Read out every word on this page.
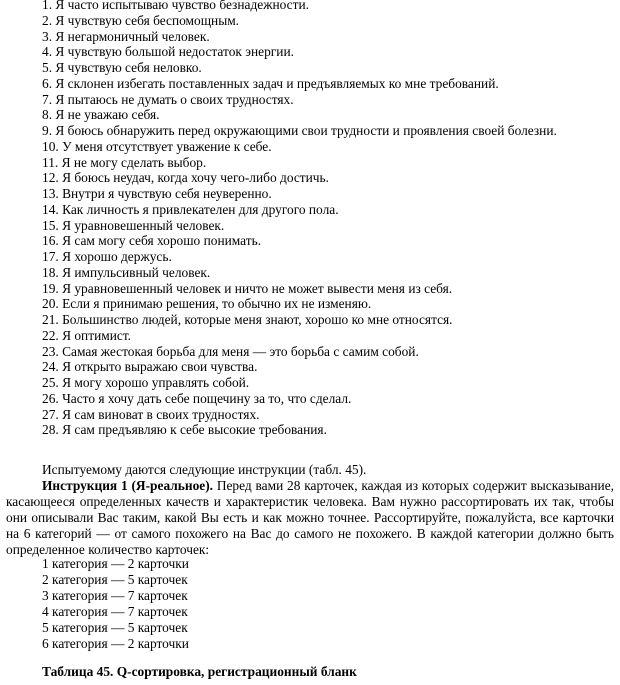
1. Я часто испытываю чувство безнадежности.
2. Я чувствую себя беспомощным.
3. Я негармоничный человек.
4. Я чувствую большой недостаток энергии.
5. Я чувствую себя неловко.
6. Я склонен избегать поставленных задач и предъявляемых ко мне требований.
7. Я пытаюсь не думать о своих трудностях.
8. Я не уважаю себя.
9. Я боюсь обнаружить перед окружающими свои трудности и проявления своей болезни.
10. У меня отсутствует уважение к себе.
11. Я не могу сделать выбор.
12. Я боюсь неудач, когда хочу чего-либо достичь.
13. Внутри я чувствую себя неуверенно.
14. Как личность я привлекателен для другого пола.
15. Я уравновешенный человек.
16. Я сам могу себя хорошо понимать.
17. Я хорошо держусь.
18. Я импульсивный человек.
19. Я уравновешенный человек и ничто не может вывести меня из себя.
20. Если я принимаю решения, то обычно их не изменяю.
21. Большинство людей, которые меня знают, хорошо ко мне относятся.
22. Я оптимист.
23. Самая жестокая борьба для меня — это борьба с самим собой.
24. Я открыто выражаю свои чувства.
25. Я могу хорошо управлять собой.
26. Часто я хочу дать себе пощечину за то, что сделал.
27. Я сам виноват в своих трудностях.
28. Я сам предъявляю к себе высокие требования.
Испытуемому даются следующие инструкции (табл. 45).

Инструкция 1 (Я-реальное). Перед вами 28 карточек, каждая из которых содержит высказывание, касающееся определенных качеств и характеристик человека. Вам нужно рассортировать их так, чтобы они описывали Вас таким, какой Вы есть и как можно точнее. Рассортируйте, пожалуйста, все карточки на 6 категорий — от самого похожего на Вас до самого не похожего. В каждой категории должно быть определенное количество карточек:

1 категория — 2 карточки
2 категория — 5 карточек
3 категория — 7 карточек
4 категория — 7 карточек
5 категория — 5 карточек
6 категория — 2 карточки
Таблица 45. Q-сортировка, регистрационный бланк
